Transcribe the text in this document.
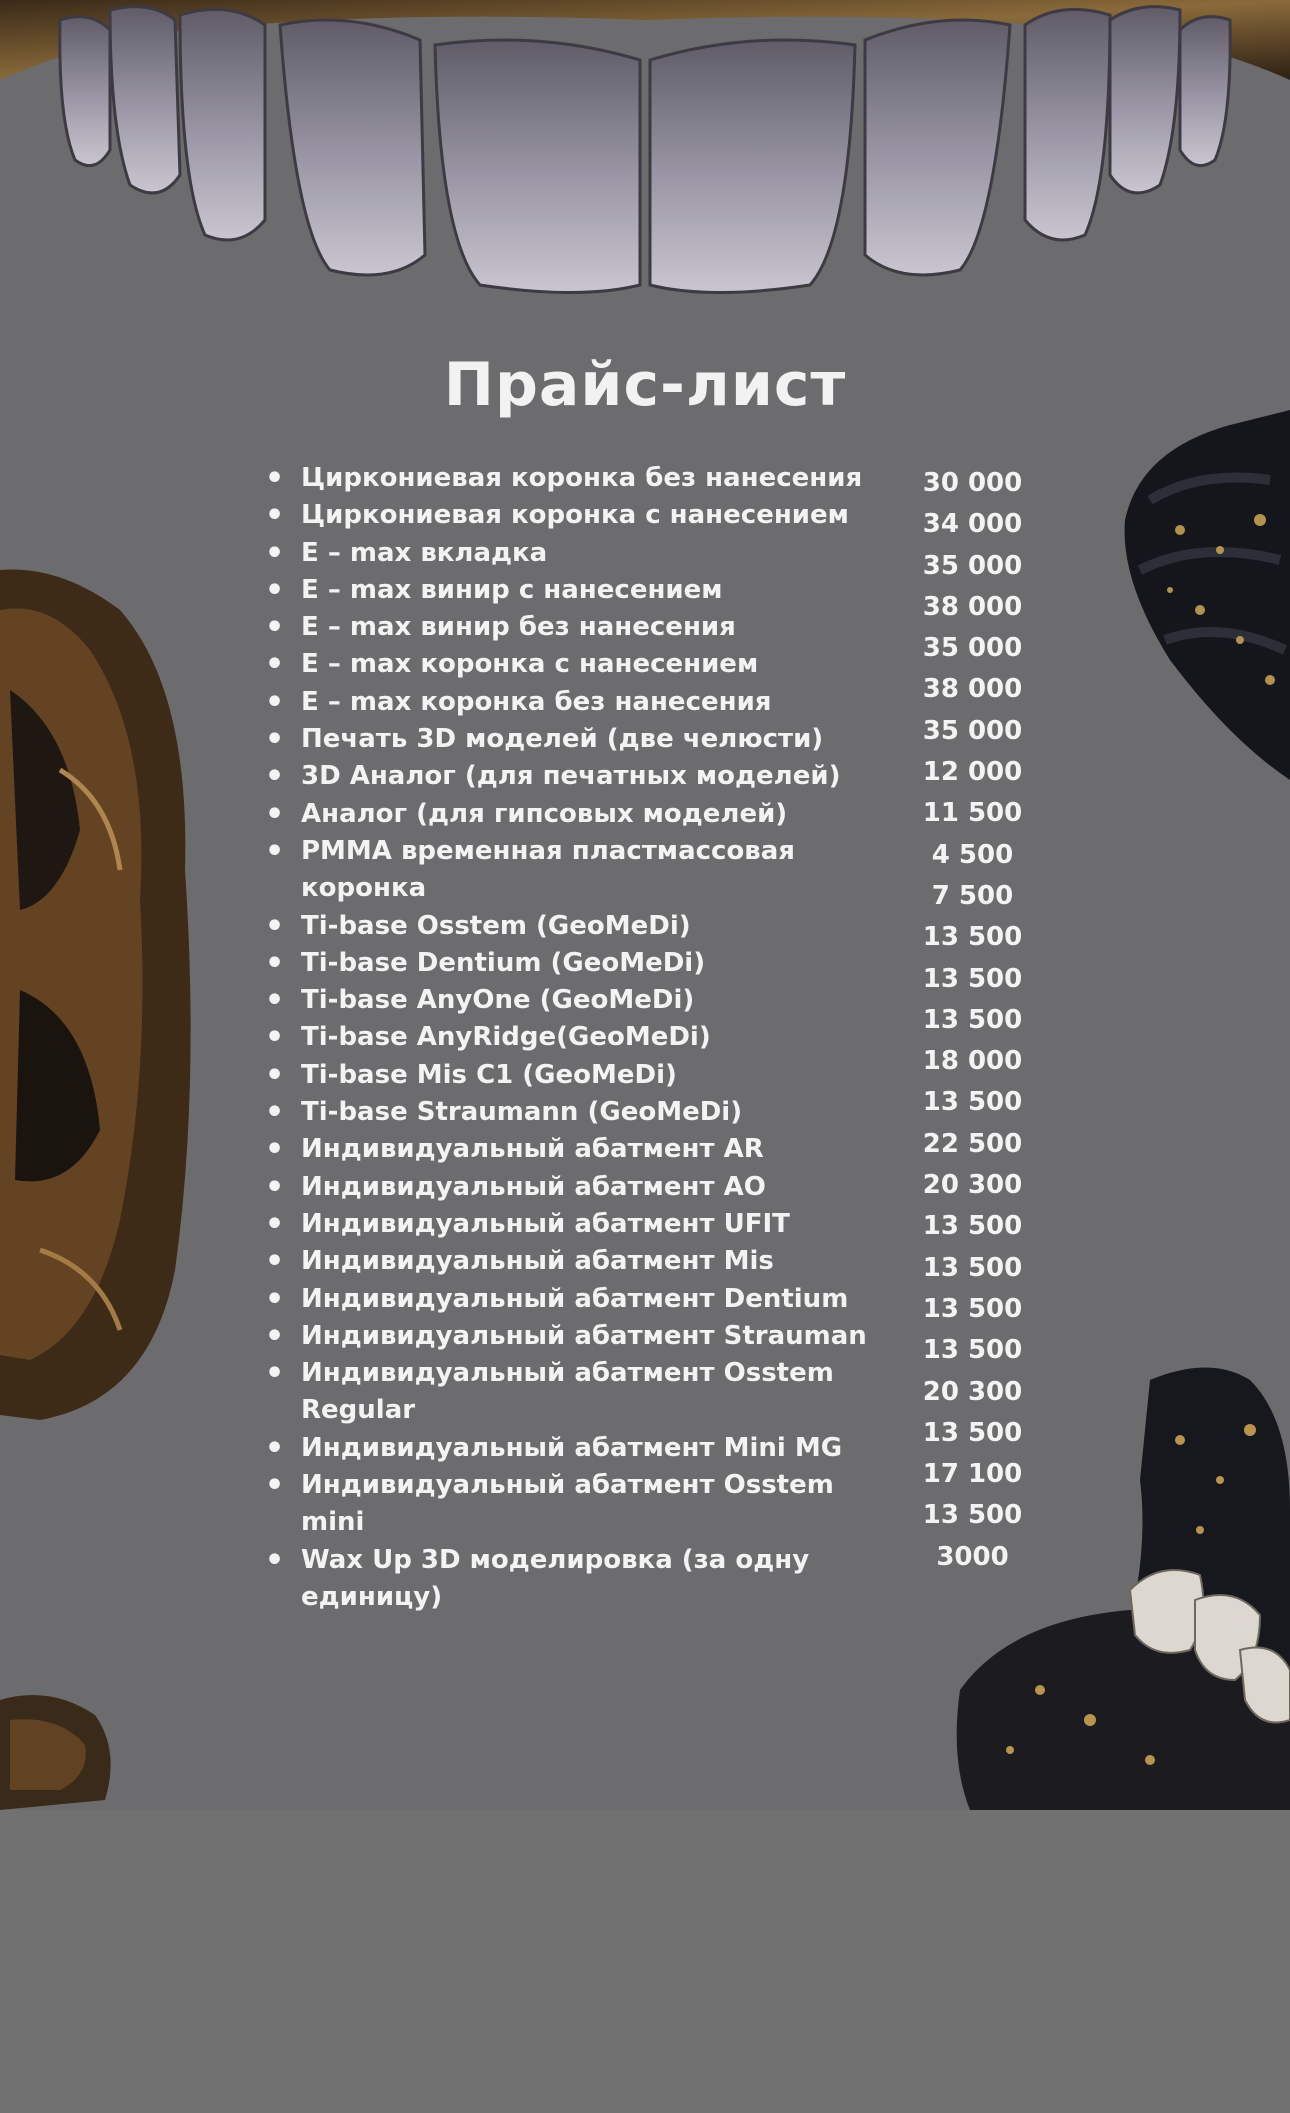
Прайс-лист
• Циркониевая коронка без нанесения
• Циркониевая коронка с нанесением
• E – max вкладка
• E – max винир с нанесением
• E – max винир без нанесения
• E – max коронка с нанесением
• E – max коронка без нанесения
• Печать 3D моделей (две челюсти)
• 3D Аналог (для печатных моделей)
• Аналог (для гипсовых моделей)
• PMMA временная пластмассовая коронка
• Ti-base Osstem (GeoMeDi)
• Ti-base Dentium (GeoMeDi)
• Ti-base AnyOne (GeoMeDi)
• Ti-base AnyRidge(GeoMeDi)
• Ti-base Mis C1 (GeoMeDi)
• Ti-base Straumann (GeoMeDi)
• Индивидуальный абатмент AR
• Индивидуальный абатмент AO
• Индивидуальный абатмент UFIT
• Индивидуальный абатмент Mis
• Индивидуальный абатмент Dentium
• Индивидуальный абатмент Strauman
• Индивидуальный абатмент Osstem Regular
• Индивидуальный абатмент Mini MG
• Индивидуальный абатмент Osstem mini
• Wax Up 3D моделировка (за одну единицу)
30 000
34 000
35 000
38 000
35 000
38 000
35 000
12 000
11 500
4 500
7 500
13 500
13 500
13 500
18 000
13 500
22 500
20 300
13 500
13 500
13 500
13 500
20 300
13 500
17 100
13 500
3000
